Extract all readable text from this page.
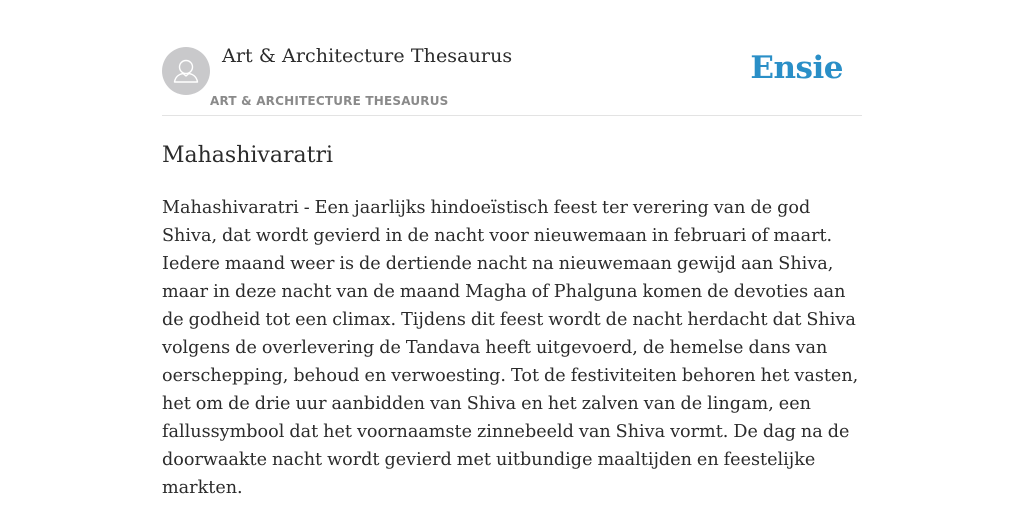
Art & Architecture Thesaurus
ART & ARCHITECTURE THESAURUS
Ensie
Mahashivaratri

Mahashivaratri - Een jaarlijks hindoeïstisch feest ter verering van de god Shiva, dat wordt gevierd in de nacht voor nieuwemaan in februari of maart. Iedere maand weer is de dertiende nacht na nieuwemaan gewijd aan Shiva, maar in deze nacht van de maand Magha of Phalguna komen de devoties aan de godheid tot een climax. Tijdens dit feest wordt de nacht herdacht dat Shiva volgens de overlevering de Tandava heeft uitgevoerd, de hemelse dans van oerschepping, behoud en verwoesting. Tot de festiviteiten behoren het vasten, het om de drie uur aanbidden van Shiva en het zalven van de lingam, een fallussymbool dat het voornaamste zinnebeeld van Shiva vormt. De dag na de doorwaakte nacht wordt gevierd met uitbundige maaltijden en feestelijke markten.
